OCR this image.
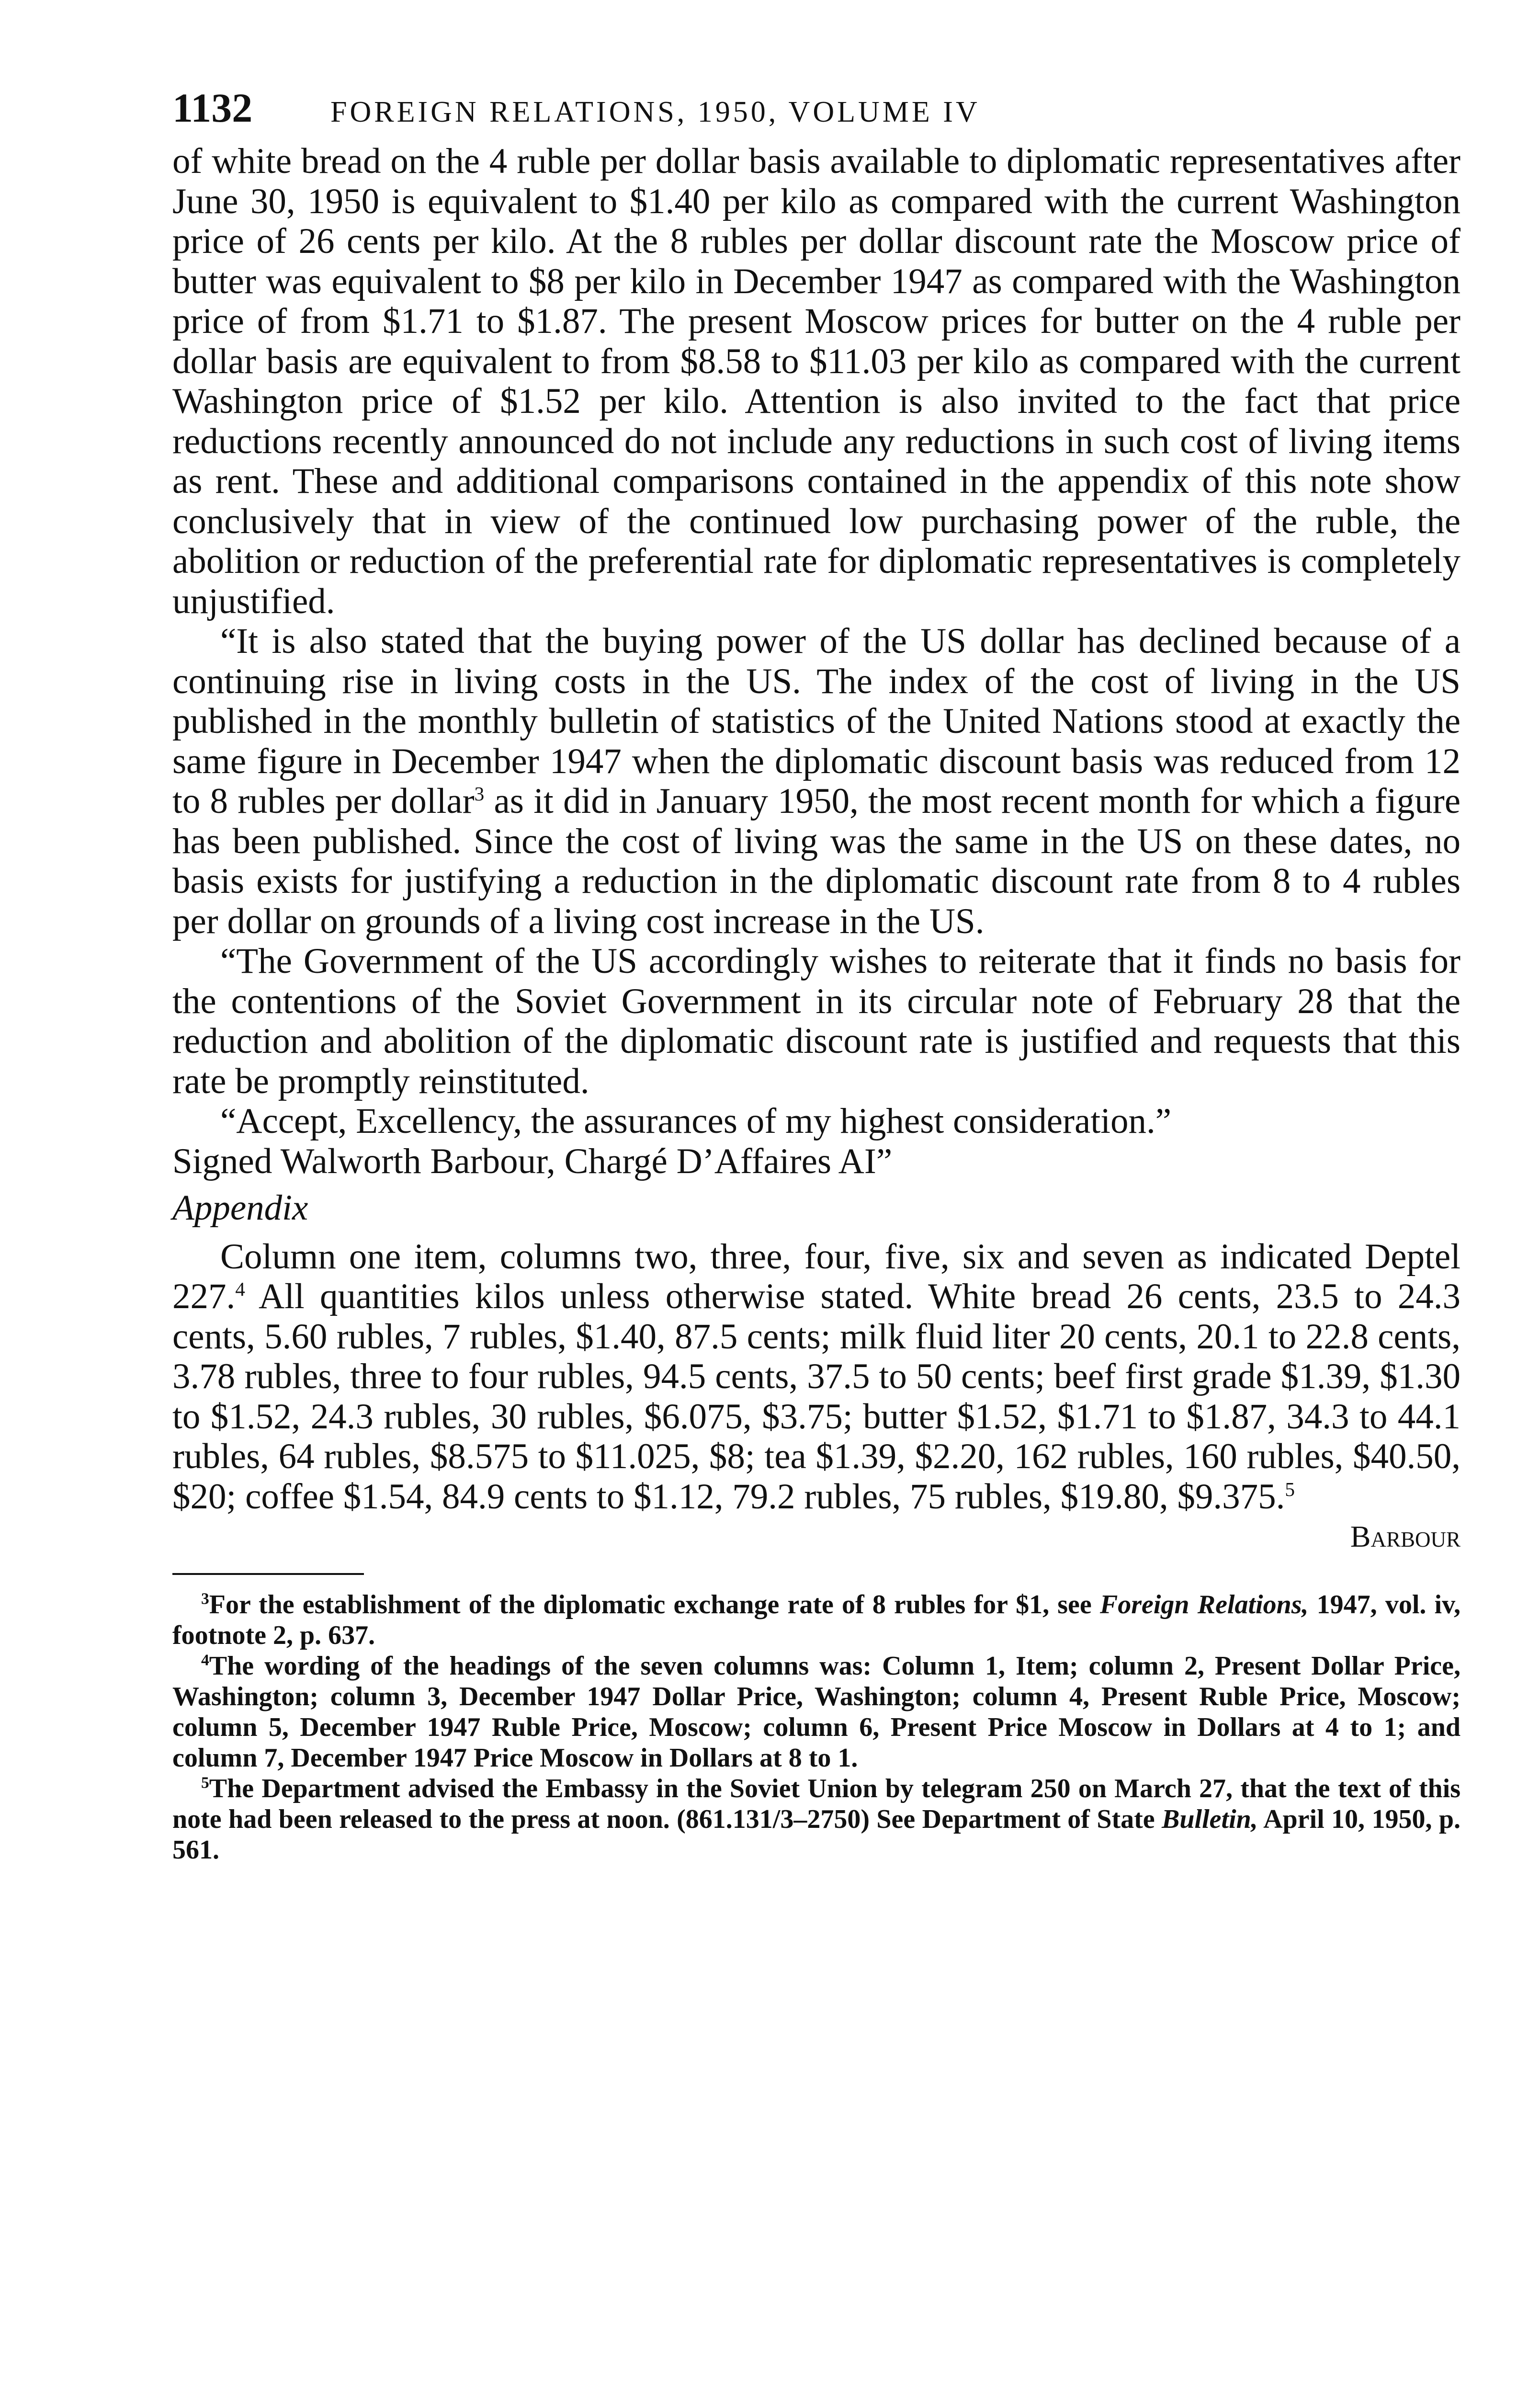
1132	FOREIGN RELATIONS, 1950, VOLUME IV

of white bread on the 4 ruble per dollar basis available to diplomatic representatives after June 30, 1950 is equivalent to $1.40 per kilo as compared with the current Washington price of 26 cents per kilo. At the 8 rubles per dollar discount rate the Moscow price of butter was equivalent to $8 per kilo in December 1947 as compared with the Washington price of from $1.71 to $1.87. The present Moscow prices for butter on the 4 ruble per dollar basis are equivalent to from $8.58 to $11.03 per kilo as compared with the current Washington price of $1.52 per kilo. Attention is also invited to the fact that price reductions recently announced do not include any reductions in such cost of living items as rent. These and additional comparisons contained in the appendix of this note show conclusively that in view of the continued low purchasing power of the ruble, the abolition or reduction of the preferential rate for diplomatic representatives is completely unjustified.

“It is also stated that the buying power of the US dollar has declined because of a continuing rise in living costs in the US. The index of the cost of living in the US published in the monthly bulletin of statistics of the United Nations stood at exactly the same figure in December 1947 when the diplomatic discount basis was reduced from 12 to 8 rubles per dollar$^3$ as it did in January 1950, the most recent month for which a figure has been published. Since the cost of living was the same in the US on these dates, no basis exists for justifying a reduction in the diplomatic discount rate from 8 to 4 rubles per dollar on grounds of a living cost increase in the US.

“The Government of the US accordingly wishes to reiterate that it finds no basis for the contentions of the Soviet Government in its circular note of February 28 that the reduction and abolition of the diplomatic discount rate is justified and requests that this rate be promptly reinstituted.

“Accept, Excellency, the assurances of my highest consideration.”

Signed Walworth Barbour, Chargé D’Affaires AI”

Appendix

Column one item, columns two, three, four, five, six and seven as indicated Deptel 227.$^4$ All quantities kilos unless otherwise stated. White bread 26 cents, 23.5 to 24.3 cents, 5.60 rubles, 7 rubles, $1.40, 87.5 cents; milk fluid liter 20 cents, 20.1 to 22.8 cents, 3.78 rubles, three to four rubles, 94.5 cents, 37.5 to 50 cents; beef first grade $1.39, $1.30 to $1.52, 24.3 rubles, 30 rubles, $6.075, $3.75; butter $1.52, $1.71 to $1.87, 34.3 to 44.1 rubles, 64 rubles, $8.575 to $11.025, $8; tea $1.39, $2.20, 162 rubles, 160 rubles, $40.50, $20; coffee $1.54, 84.9 cents to $1.12, 79.2 rubles, 75 rubles, $19.80, $9.375.$^5$

Barbour

$^3$For the establishment of the diplomatic exchange rate of 8 rubles for $1, see Foreign Relations, 1947, vol. iv, footnote 2, p. 637.

$^4$The wording of the headings of the seven columns was: Column 1, Item; column 2, Present Dollar Price, Washington; column 3, December 1947 Dollar Price, Washington; column 4, Present Ruble Price, Moscow; column 5, December 1947 Ruble Price, Moscow; column 6, Present Price Moscow in Dollars at 4 to 1; and column 7, December 1947 Price Moscow in Dollars at 8 to 1.

$^5$The Department advised the Embassy in the Soviet Union by telegram 250 on March 27, that the text of this note had been released to the press at noon. (861.131/3–2750) See Department of State Bulletin, April 10, 1950, p. 561.
